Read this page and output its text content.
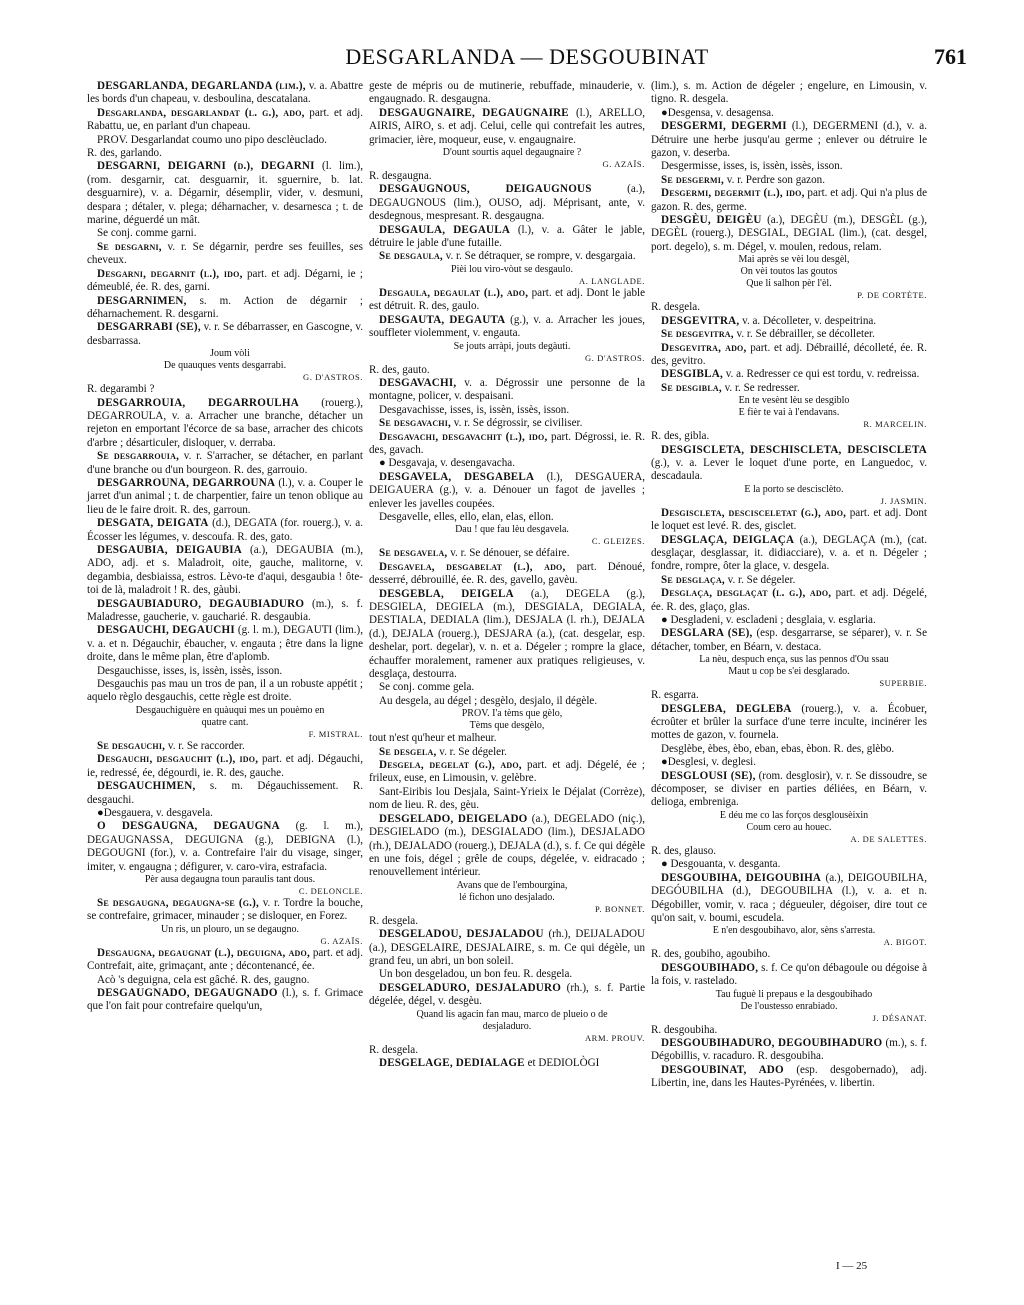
DESGARLANDA — DESGOUBINAT	761

DESGARLANDA, DEGARLANDA (lim.), v. a. Abattre les bords d'un chapeau, v. desboulina, descatalana.

Desgarlanda, desgarlandat (l. g.), ado, part. et adj. Rabattu, ue, en parlant d'un chapeau.

PROV. Desgarlandat coumo uno pipo desclèuclado.

R. des, garlando.

DESGARNI, DEIGARNI (d.), DEGARNI (l. lim.), (rom. desgarnir, cat. desguarnir, it. sguernire, b. lat. desguarnire), v. a. Dégarnir, désemplir, vider, v. desmuni, despara ; détaler, v. plega; déharnacher, v. desarnesca ; t. de marine, déguerdé un mât.

Se conj. comme garni.

Se desgarni, v. r. Se dégarnir, perdre ses feuilles, ses cheveux.

Desgarni, degarnit (l.), ido, part. et adj. Dégarni, ie ; démeublé, ée. R. des, garni.

DESGARNIMEN, s. m. Action de dégarnir ; déharnachement. R. desgarni.

DESGARRABI (SE), v. r. Se débarrasser, en Gascogne, v. desbarrassa.

Joum vòli
De quauques vents desgarrabi.

G. D'ASTROS.

R. degarambi ?

DESGARROUIA, DEGARROULHA (rouerg.), DEGARROULA, v. a. Arracher une branche, détacher un rejeton en emportant l'écorce de sa base, arracher des chicots d'arbre ; désarticuler, disloquer, v. derraba.

Se desgarrouia, v. r. S'arracher, se détacher, en parlant d'une branche ou d'un bourgeon. R. des, garrouio.

DESGARROUNA, DEGARROUNA (l.), v. a. Couper le jarret d'un animal ; t. de charpentier, faire un tenon oblique au lieu de le faire droit. R. des, garroun.

DESGATA, DEIGATA (d.), DEGATA (for. rouerg.), v. a. Écosser les légumes, v. descoufa. R. des, gato.

DESGAUBIA, DEIGAUBIA (a.), DEGAUBIA (m.), ADO, adj. et s. Maladroit, oite, gauche, malitorne, v. degambia, desbiaissa, estros. Lèvo-te d'aqui, desgaubia ! ôte-toi de là, maladroit ! R. des, gàubi.

DESGAUBIADURO, DEGAUBIADURO (m.), s. f. Maladresse, gaucherie, v. gaucharié. R. desgaubia.

DESGAUCHI, DEGAUCHI (g. l. m.), DEGAUTI (lim.), v. a. et n. Dégauchir, ébaucher, v. engauta ; être dans la ligne droite, dans le même plan, être d'aplomb.

Desgauchisse, isses, is, issèn, issès, isson.

Desgauchis pas mau un tros de pan, il a un robuste appétit ; aquelo règlo desgauchis, cette règle est droite.

Desgauchiguère en quàuqui mes un pouèmo en
quatre cant.

F. MISTRAL.

Se desgauchi, v. r. Se raccorder.

Desgauchi, desgauchit (l.), ido, part. et adj. Dégauchi, ie, redressé, ée, dégourdi, ie. R. des, gauche.

DESGAUCHIMEN, s. m. Dégauchissement. R. desgauchi.

●Desgauera, v. desgavela.

O DESGAUGNA, DEGAUGNA (g. l. m.), DEGAUGNASSA, DEGUIGNA (g.), DEBIGNA (l.), DEGOUGNI (for.), v. a. Contrefaire l'air du visage, singer, imiter, v. engaugna ; défigurer, v. caro-vira, estrafacia.

Pèr ausa degaugna toun paraulis tant dous.

C. DELONCLE.

Se desgaugna, degaugna-se (g.), v. r. Tordre la bouche, se contrefaire, grimacer, minauder ; se disloquer, en Forez.

Un ris, un plouro, un se degaugno.

G. AZAÏS.

Desgaugna, degaugnat (l.), deguigna, ado, part. et adj. Contrefait, aite, grimaçant, ante ; décontenancé, ée.

Acò 's deguigna, cela est gâché. R. des, gaugno.

DESGAUGNADO, DEGAUGNADO (l.), s. f. Grimace que l'on fait pour contrefaire quelqu'un,

geste de mépris ou de mutinerie, rebuffade, minauderie, v. engaugnado. R. desgaugna.

DESGAUGNAIRE, DEGAUGNAIRE (l.), ARELLO, AIRIS, AIRO, s. et adj. Celui, celle qui contrefait les autres, grimacier, ière, moqueur, euse, v. engaugnaire.

D'ount sourtis aquel degaugnaire ?

G. AZAÏS.

R. desgaugna.

DESGAUGNOUS, DEIGAUGNOUS (a.), DEGAUGNOUS (lim.), OUSO, adj. Méprisant, ante, v. desdegnous, mespresant. R. desgaugna.

DESGAULA, DEGAULA (l.), v. a. Gâter le jable, détruire le jable d'une futaille.

Se desgaula, v. r. Se détraquer, se rompre, v. desgargaia.

Pièi lou viro-vòut se desgaulo.

A. LANGLADE.

Desgaula, degaulat (l.), ado, part. et adj. Dont le jable est détruit. R. des, gaulo.

DESGAUTA, DEGAUTA (g.), v. a. Arracher les joues, souffleter violemment, v. engauta.

Se jouts arràpi, jouts degàuti.

G. D'ASTROS.

R. des, gauto.

DESGAVACHI, v. a. Dégrossir une personne de la montagne, policer, v. despaisani.

Desgavachisse, isses, is, issèn, issès, isson.

Se desgavachi, v. r. Se dégrossir, se civiliser.

Desgavachi, desgavachit (l.), ido, part. Dégrossi, ie. R. des, gavach.

● Desgavaja, v. desengavacha.

DESGAVELA, DESGABELA (l.), DESGAUERA, DEIGAUERA (g.), v. a. Dénouer un fagot de javelles ; enlever les javelles coupées.

Desgavelle, elles, ello, elan, elas, ellon.

Dau ! que fau lèu desgavela.

C. GLEIZES.

Se desgavela, v. r. Se dénouer, se défaire.

Desgavela, desgabelat (l.), ado, part. Dénoué, desserré, débrouillé, ée. R. des, gavello, gavèu.

DESGEBLA, DEIGELA (a.), DEGELA (g.), DESGIELA, DEGIELA (m.), DESGIALA, DEGIALA, DESTIALA, DEDIALA (lim.), DESJALA (l. rh.), DEJALA (d.), DEJALA (rouerg.), DESJARA (a.), (cat. desgelar, esp. deshelar, port. degelar), v. n. et a. Dégeler ; rompre la glace, échauffer moralement, ramener aux pratiques religieuses, v. desglaça, destourra.

Se conj. comme gela.

Au desgela, au dégel ; desgèlo, desjalo, il dégèle.

PROV. I'a tèms que gèlo,
Tèms que desgèlo,

tout n'est qu'heur et malheur.

Se desgela, v. r. Se dégeler.

Desgela, degelat (g.), ado, part. et adj. Dégelé, ée ; frileux, euse, en Limousin, v. gelèbre.

Sant-Eiribis lou Desjala, Saint-Yrieix le Déjalat (Corrèze), nom de lieu. R. des, gèu.

DESGELADO, DEIGELADO (a.), DEGELADO (niç.), DESGIELADO (m.), DESGIALADO (lim.), DESJALADO (rh.), DEJALADO (rouerg.), DEJALA (d.), s. f. Ce qui dégèle en une fois, dégel ; grêle de coups, dégelée, v. eidracado ; renouvellement intérieur.

Avans que de l'embourgina,
lé fichon uno desjalado.

P. BONNET.

R. desgela.

DESGELADOU, DESJALADOU (rh.), DEIJALADOU (a.), DESGELAIRE, DESJALAIRE, s. m. Ce qui dégèle, un grand feu, un abri, un bon soleil.

Un bon desgeladou, un bon feu. R. desgela.

DESGELADURO, DESJALADURO (rh.), s. f. Partie dégelée, dégel, v. desgèu.

Quand lis agacin fan mau, marco de plueio o de
desjaladuro.

ARM. PROUV.

R. desgela.

DESGELAGE, DEDIALAGE et DEDIOLÒGI

(lim.), s. m. Action de dégeler ; engelure, en Limousin, v. tigno. R. desgela.

●Desgensa, v. desagensa.

DESGERMI, DEGERMI (l.), DEGERMENI (d.), v. a. Détruire une herbe jusqu'au germe ; enlever ou détruire le gazon, v. deserba.

Desgermisse, isses, is, issèn, issès, isson.

Se desgermi, v. r. Perdre son gazon.

Desgermi, degermit (l.), ido, part. et adj. Qui n'a plus de gazon. R. des, germe.

DESGÈU, DEIGÈU (a.), DEGÈU (m.), DESGÈL (g.), DEGÈL (rouerg.), DESGIAL, DEGIAL (lim.), (cat. desgel, port. degelo), s. m. Dégel, v. moulen, redous, relam.

Mai après se vèi lou desgèl,
On vèi toutos las goutos
Que li salhon pèr l'èl.

P. DE CORTÈTE.

R. desgela.

DESGEVITRA, v. a. Décolleter, v. despeitrina.

Se desgevitra, v. r. Se débrailler, se décolleter.

Desgevitra, ado, part. et adj. Débraillé, décolleté, ée. R. des, gevitro.

DESGIBLA, v. a. Redresser ce qui est tordu, v. redreissa.

Se desgibla, v. r. Se redresser.

En te vesènt lèu se desgiblo
E fièr te vai à l'endavans.

R. MARCELIN.

R. des, gibla.

DESGISCLETA, DESCHISCLETA, DESCISCLETA (g.), v. a. Lever le loquet d'une porte, en Languedoc, v. descadaula.

E la porto se descisclèto.

J. JASMIN.

Desgiscleta, descisceletat (g.), ado, part. et adj. Dont le loquet est levé. R. des, gisclet.

DESGLAÇA, DEIGLAÇA (a.), DEGLAÇA (m.), (cat. desglaçar, desglassar, it. didiacciare), v. a. et n. Dégeler ; fondre, rompre, ôter la glace, v. desgela.

Se desglaça, v. r. Se dégeler.

Desglaça, desglaçat (l. g.), ado, part. et adj. Dégelé, ée. R. des, glaço, glas.

● Desgladeni, v. escladeni ; desglaia, v. esglaria.

DESGLARA (SE), (esp. desgarrarse, se séparer), v. r. Se détacher, tomber, en Béarn, v. destaca.

La nèu, despuch ença, sus las pennos d'Ou ssau
Maut u cop be s'ei desglarado.

SUPERBIE.

R. esgarra.

DESGLEBA, DEGLEBA (rouerg.), v. a. Écobuer, écroûter et brûler la surface d'une terre inculte, incinérer les mottes de gazon, v. fournela.

Desglèbe, èbes, èbo, eban, ebas, èbon. R. des, glèbo.

●Desglesi, v. deglesi.

DESGLOUSI (SE), (rom. desglosir), v. r. Se dissoudre, se décomposer, se diviser en parties déliées, en Béarn, v. delioga, embreniga.

E déu me co las forços desglousèixin
Coum cero au houec.

A. DE SALETTES.

R. des, glauso.

● Desgouanta, v. desganta.

DESGOUBIHA, DEIGOUBIHA (a.), DEIGOUBILHA, DEGÓUBILHA (d.), DEGOUBILHA (l.), v. a. et n. Dégobiller, vomir, v. raca ; dégueuler, dégoiser, dire tout ce qu'on sait, v. boumi, escudela.

E n'en desgoubihavo, alor, sèns s'arresta.

A. BIGOT.

R. des, goubiho, agoubiho.

DESGOUBIHADO, s. f. Ce qu'on débagoule ou dégoise à la fois, v. rastelado.

Tau fuguè li prepaus e la desgoubihado
De l'oustesso enrabiado.

J. DÉSANAT.

R. desgoubiha.

DESGOUBIHADURO, DEGOUBIHADURO (m.), s. f. Dégobillis, v. racaduro. R. desgoubiha.

DESGOUBINAT, ADO (esp. desgobernado), adj. Libertin, ine, dans les Hautes-Pyrénées, v. libertin.

I — 25
